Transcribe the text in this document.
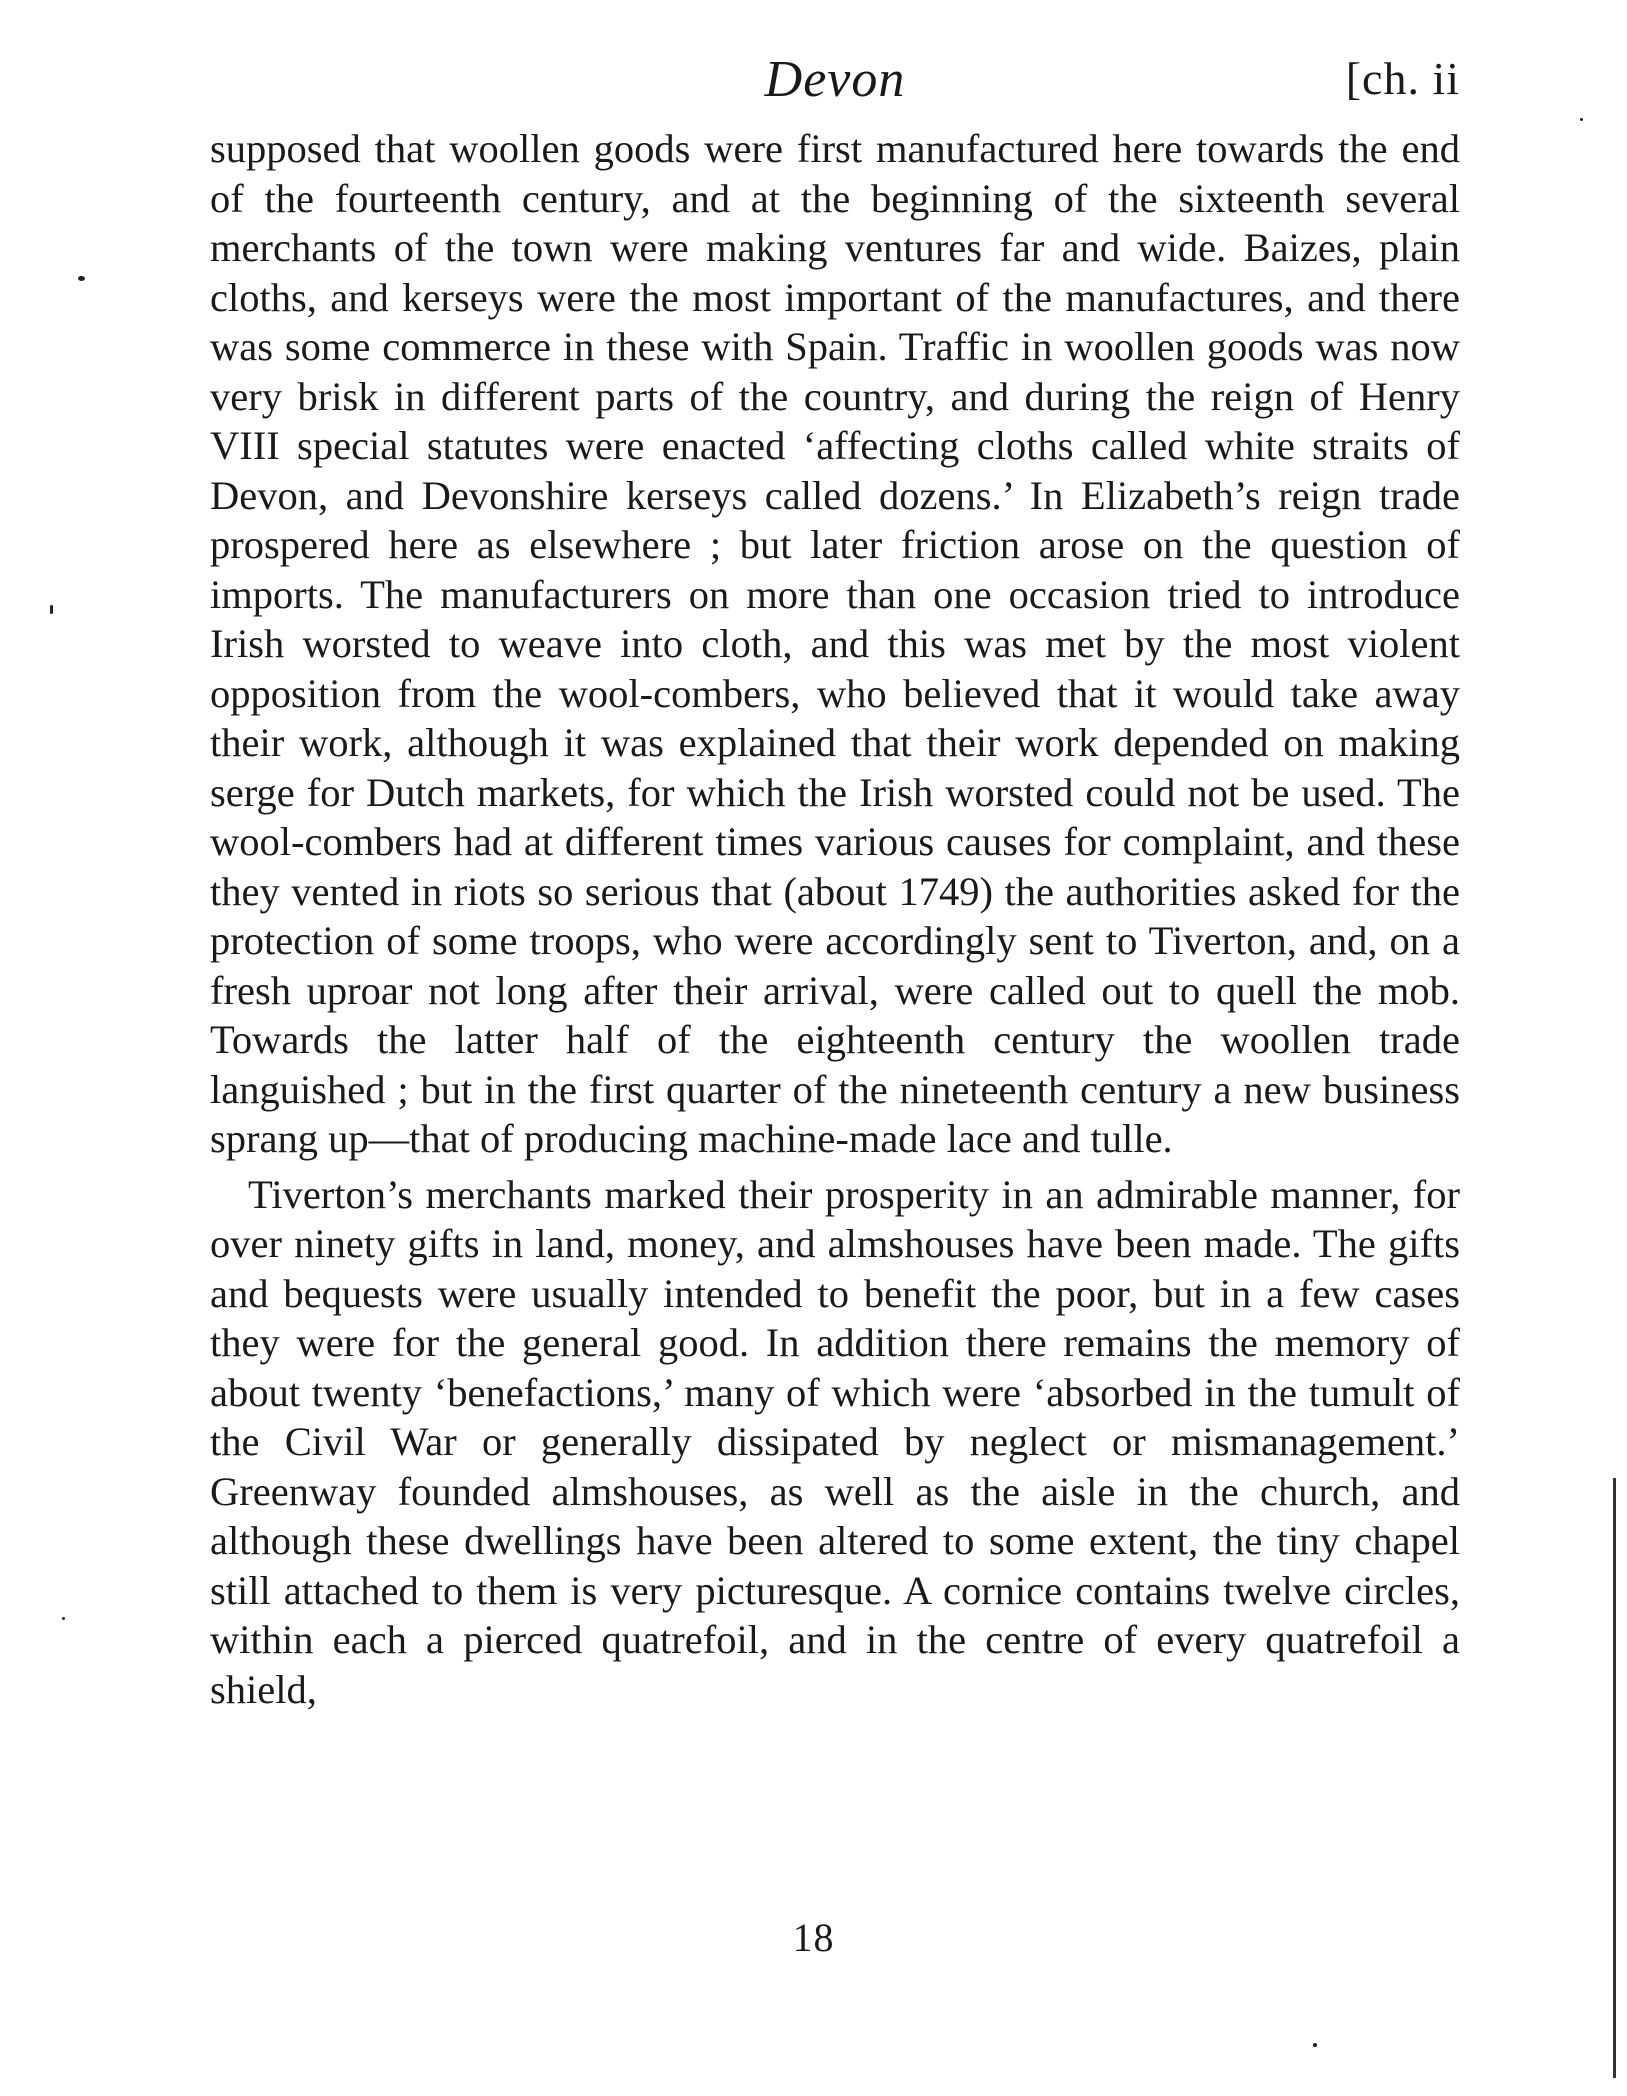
Devon	[ch. ii

supposed that woollen goods were first manufactured here towards the end of the fourteenth century, and at the beginning of the sixteenth several merchants of the town were making ventures far and wide. Baizes, plain cloths, and kerseys were the most important of the manufactures, and there was some commerce in these with Spain. Traffic in woollen goods was now very brisk in different parts of the country, and during the reign of Henry VIII special statutes were enacted ‘affecting cloths called white straits of Devon, and Devonshire kerseys called dozens.’ In Elizabeth’s reign trade prospered here as elsewhere ; but later friction arose on the question of imports. The manufacturers on more than one occasion tried to introduce Irish worsted to weave into cloth, and this was met by the most violent opposition from the wool-combers, who believed that it would take away their work, although it was explained that their work depended on making serge for Dutch markets, for which the Irish worsted could not be used. The wool-combers had at different times various causes for complaint, and these they vented in riots so serious that (about 1749) the authorities asked for the protection of some troops, who were accordingly sent to Tiverton, and, on a fresh uproar not long after their arrival, were called out to quell the mob. Towards the latter half of the eighteenth century the woollen trade languished ; but in the first quarter of the nineteenth century a new business sprang up—that of producing machine-made lace and tulle.

Tiverton’s merchants marked their prosperity in an admirable manner, for over ninety gifts in land, money, and almshouses have been made. The gifts and bequests were usually intended to benefit the poor, but in a few cases they were for the general good. In addition there remains the memory of about twenty ‘benefactions,’ many of which were ‘absorbed in the tumult of the Civil War or generally dissipated by neglect or mismanagement.’ Greenway founded almshouses, as well as the aisle in the church, and although these dwellings have been altered to some extent, the tiny chapel still attached to them is very picturesque. A cornice contains twelve circles, within each a pierced quatrefoil, and in the centre of every quatrefoil a shield,

18
